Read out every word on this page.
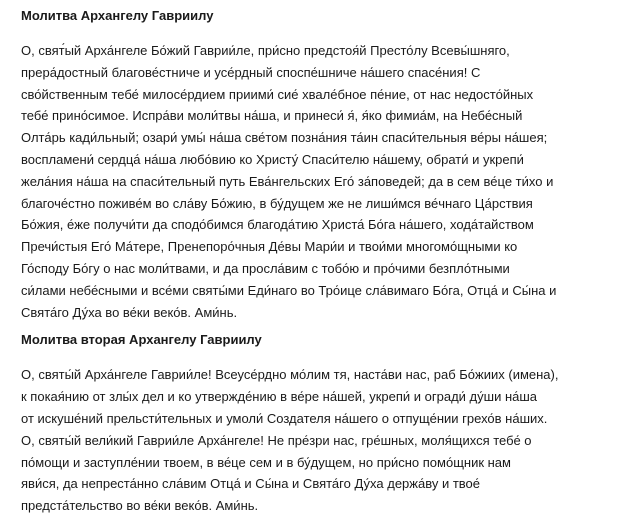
Молитва Архангелу Гавриилу
О, свят́ый Арха́нгеле Бо́жий Гаврии́ле, при́сно предстоя́й Престо́лу Всевы́шняго,
прера́достный благове́стниче и усе́рдный споспе́шниче на́шего спасе́ния! С
сво́йственным тебе́ милосе́рдием приими́ сие́ хвале́бное пе́ние, от нас недосто́йных
тебе́ прино́симое. Испра́ви моли́твы на́ша, и принеси́ я́, я́ко фимиа́м, на Небе́сный
Олта́рь кади́льный; озари́ умы́ на́ша све́том позна́ния та́ин спаси́тельныя ве́ры на́шея;
воспламени́ сердца́ на́ша любо́вию ко Христу́ Спаси́телю на́шему, обрати́ и укрепи́
жела́ния на́ша на спаси́тельный путь Ева́нгельских Его́ за́поведей; да в сем ве́це ти́хо и
благоче́стно поживе́м во сла́ву Бо́жию, в бу́дущем же не лиши́мся ве́чнаго Ца́рствия
Бо́жия, е́же получи́ти да сподо́бимся благода́тию Христа́ Бо́га на́шего, хода́тайством
Пречи́стыя Его́ Ма́тере, Пренепоро́чныя Де́вы Мари́и и твои́ми многомо́щными ко
Го́споду Бо́гу о нас моли́твами, и да просла́вим с тобо́ю и про́чими безпло́тными
си́лами небе́сными и все́ми святы́ми Еди́наго во Тро́ице сла́вимаго Бо́га, Отца́ и Сы́на и
Свята́го Ду́ха во ве́ки веко́в. Ами́нь.
Молитва вторая Архангелу Гавриилу
О, святы́й Арха́нгеле Гаврии́ле! Всеусе́рдно мо́лим тя, наста́ви нас, раб Бо́жиих (имена),
к покая́нию от злы́х дел и ко утвержде́нию в ве́ре на́шей, укрепи́ и огради́ ду́ши на́ша
от искуше́ний прельсти́тельных и умоли́ Создателя на́шего о отпуще́нии грехо́в на́ших.
О, святы́й вели́кий Гаврии́ле Арха́нгеле! Не пре́зри нас, гре́шных, моля́щихся тебе́ о
по́мощи и заступле́нии твоем, в ве́це сем и в бу́дущем, но при́сно помо́щник нам
яви́ся, да непреста́нно сла́вим Отца́ и Сы́на и Свята́го Ду́ха держа́ву и твое́
предста́тельство во ве́ки веко́в. Ами́нь.
